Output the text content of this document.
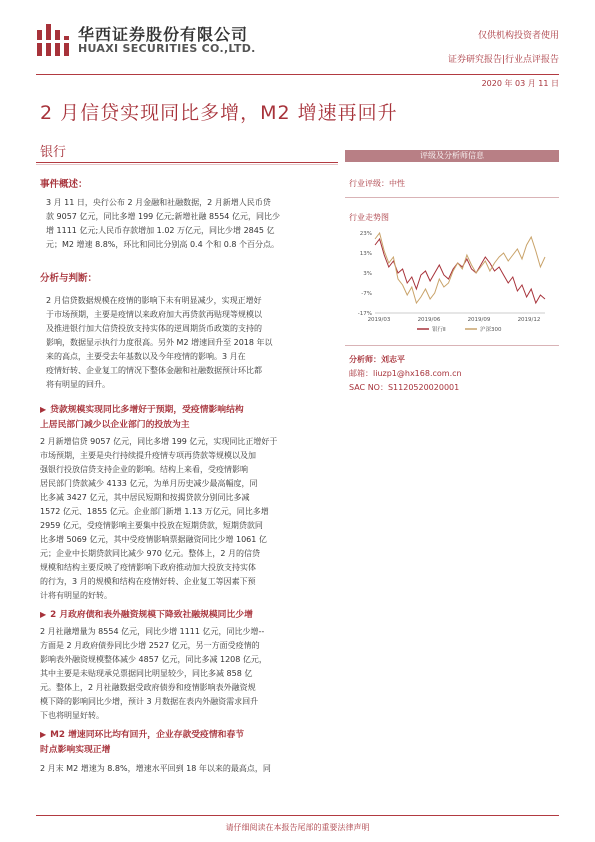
华西证券股份有限公司
HUAXI SECURITIES CO.,LTD.
仅供机构投资者使用
证券研究报告|行业点评报告
2020 年 03 月 11 日
2 月信贷实现同比多增，M2 增速再回升
银行
事件概述：

3 月 11 日，央行公布 2 月金融和社融数据，2 月新增人民币贷

款 9057 亿元，同比多增 199 亿元;新增社融 8554 亿元，同比少

增 1111 亿元;人民币存款增加 1.02 万亿元，同比少增 2845 亿

元；M2 增速 8.8%，环比和同比分别高 0.4 个和 0.8 个百分点。

分析与判断：

2 月信贷数据规模在疫情的影响下未有明显减少，实现正增好

于市场预期，主要是疫情以来政府加大再贷款再贴现等规模以

及推进银行加大信贷投放支持实体的逆周期货币政策的支持的

影响，数据显示执行力度很高。另外 M2 增速回升至 2018 年以

来的高点，主要受去年基数以及今年疫情的影响。3 月在

疫情好转、企业复工的情况下整体金融和社融数据预计环比都

将有明显的回升。

▶ 贷款规模实现同比多增好于预期，受疫情影响结构
上居民部门减少以企业部门的投放为主

2 月新增信贷 9057 亿元，同比多增 199 亿元，实现同比正增好于

市场预期，主要是央行持续提升疫情专项再贷款等规模以及加

强银行投放信贷支持企业的影响。结构上来看，受疫情影响

居民部门贷款减少 4133 亿元，为单月历史减少最高幅度，同

比多减 3427 亿元，其中居民短期和按揭贷款分别同比多减

1572 亿元、1855 亿元。企业部门新增 1.13 万亿元，同比多增

2959 亿元，受疫情影响主要集中投放在短期贷款，短期贷款同

比多增 5069 亿元，其中受疫情影响票据融资同比少增 1061 亿

元；企业中长期贷款同比减少 970 亿元。整体上，2 月的信贷

规模和结构主要反映了疫情影响下政府推动加大投放支持实体

的行为，3 月的规模和结构在疫情好转、企业复工等因素下预

计将有明显的好转。

▶ 2 月政府债和表外融资规模下降致社融规模同比少增

2 月社融增量为 8554 亿元，同比少增 1111 亿元，同比少增--

方面是 2 月政府债券同比少增 2527 亿元，另一方面受疫情的

影响表外融资规模整体减少 4857 亿元，同比多减 1208 亿元，

其中主要是未贴现承兑票据同比明显较少，同比多减 858 亿

元。整体上，2 月社融数据受政府债券和疫情影响表外融资规

模下降的影响同比少增，预计 3 月数据在表内外融资需求回升

下也将明显好转。

▶ M2 增速同环比均有回升，企业存款受疫情和春节
时点影响实现正增

2 月末 M2 增速为 8.8%，增速水平回到 18 年以来的最高点，同

评级及分析师信息
行业评级：中性
行业走势图
23%
13%
3%
-7%
-17%
2019/03	2019/06	2019/09	2019/12
银行Ⅱ	沪深300
分析师：刘志平
邮箱：liuzp1@hx168.com.cn
SAC NO：S1120520020001
请仔细阅读在本报告尾部的重要法律声明
